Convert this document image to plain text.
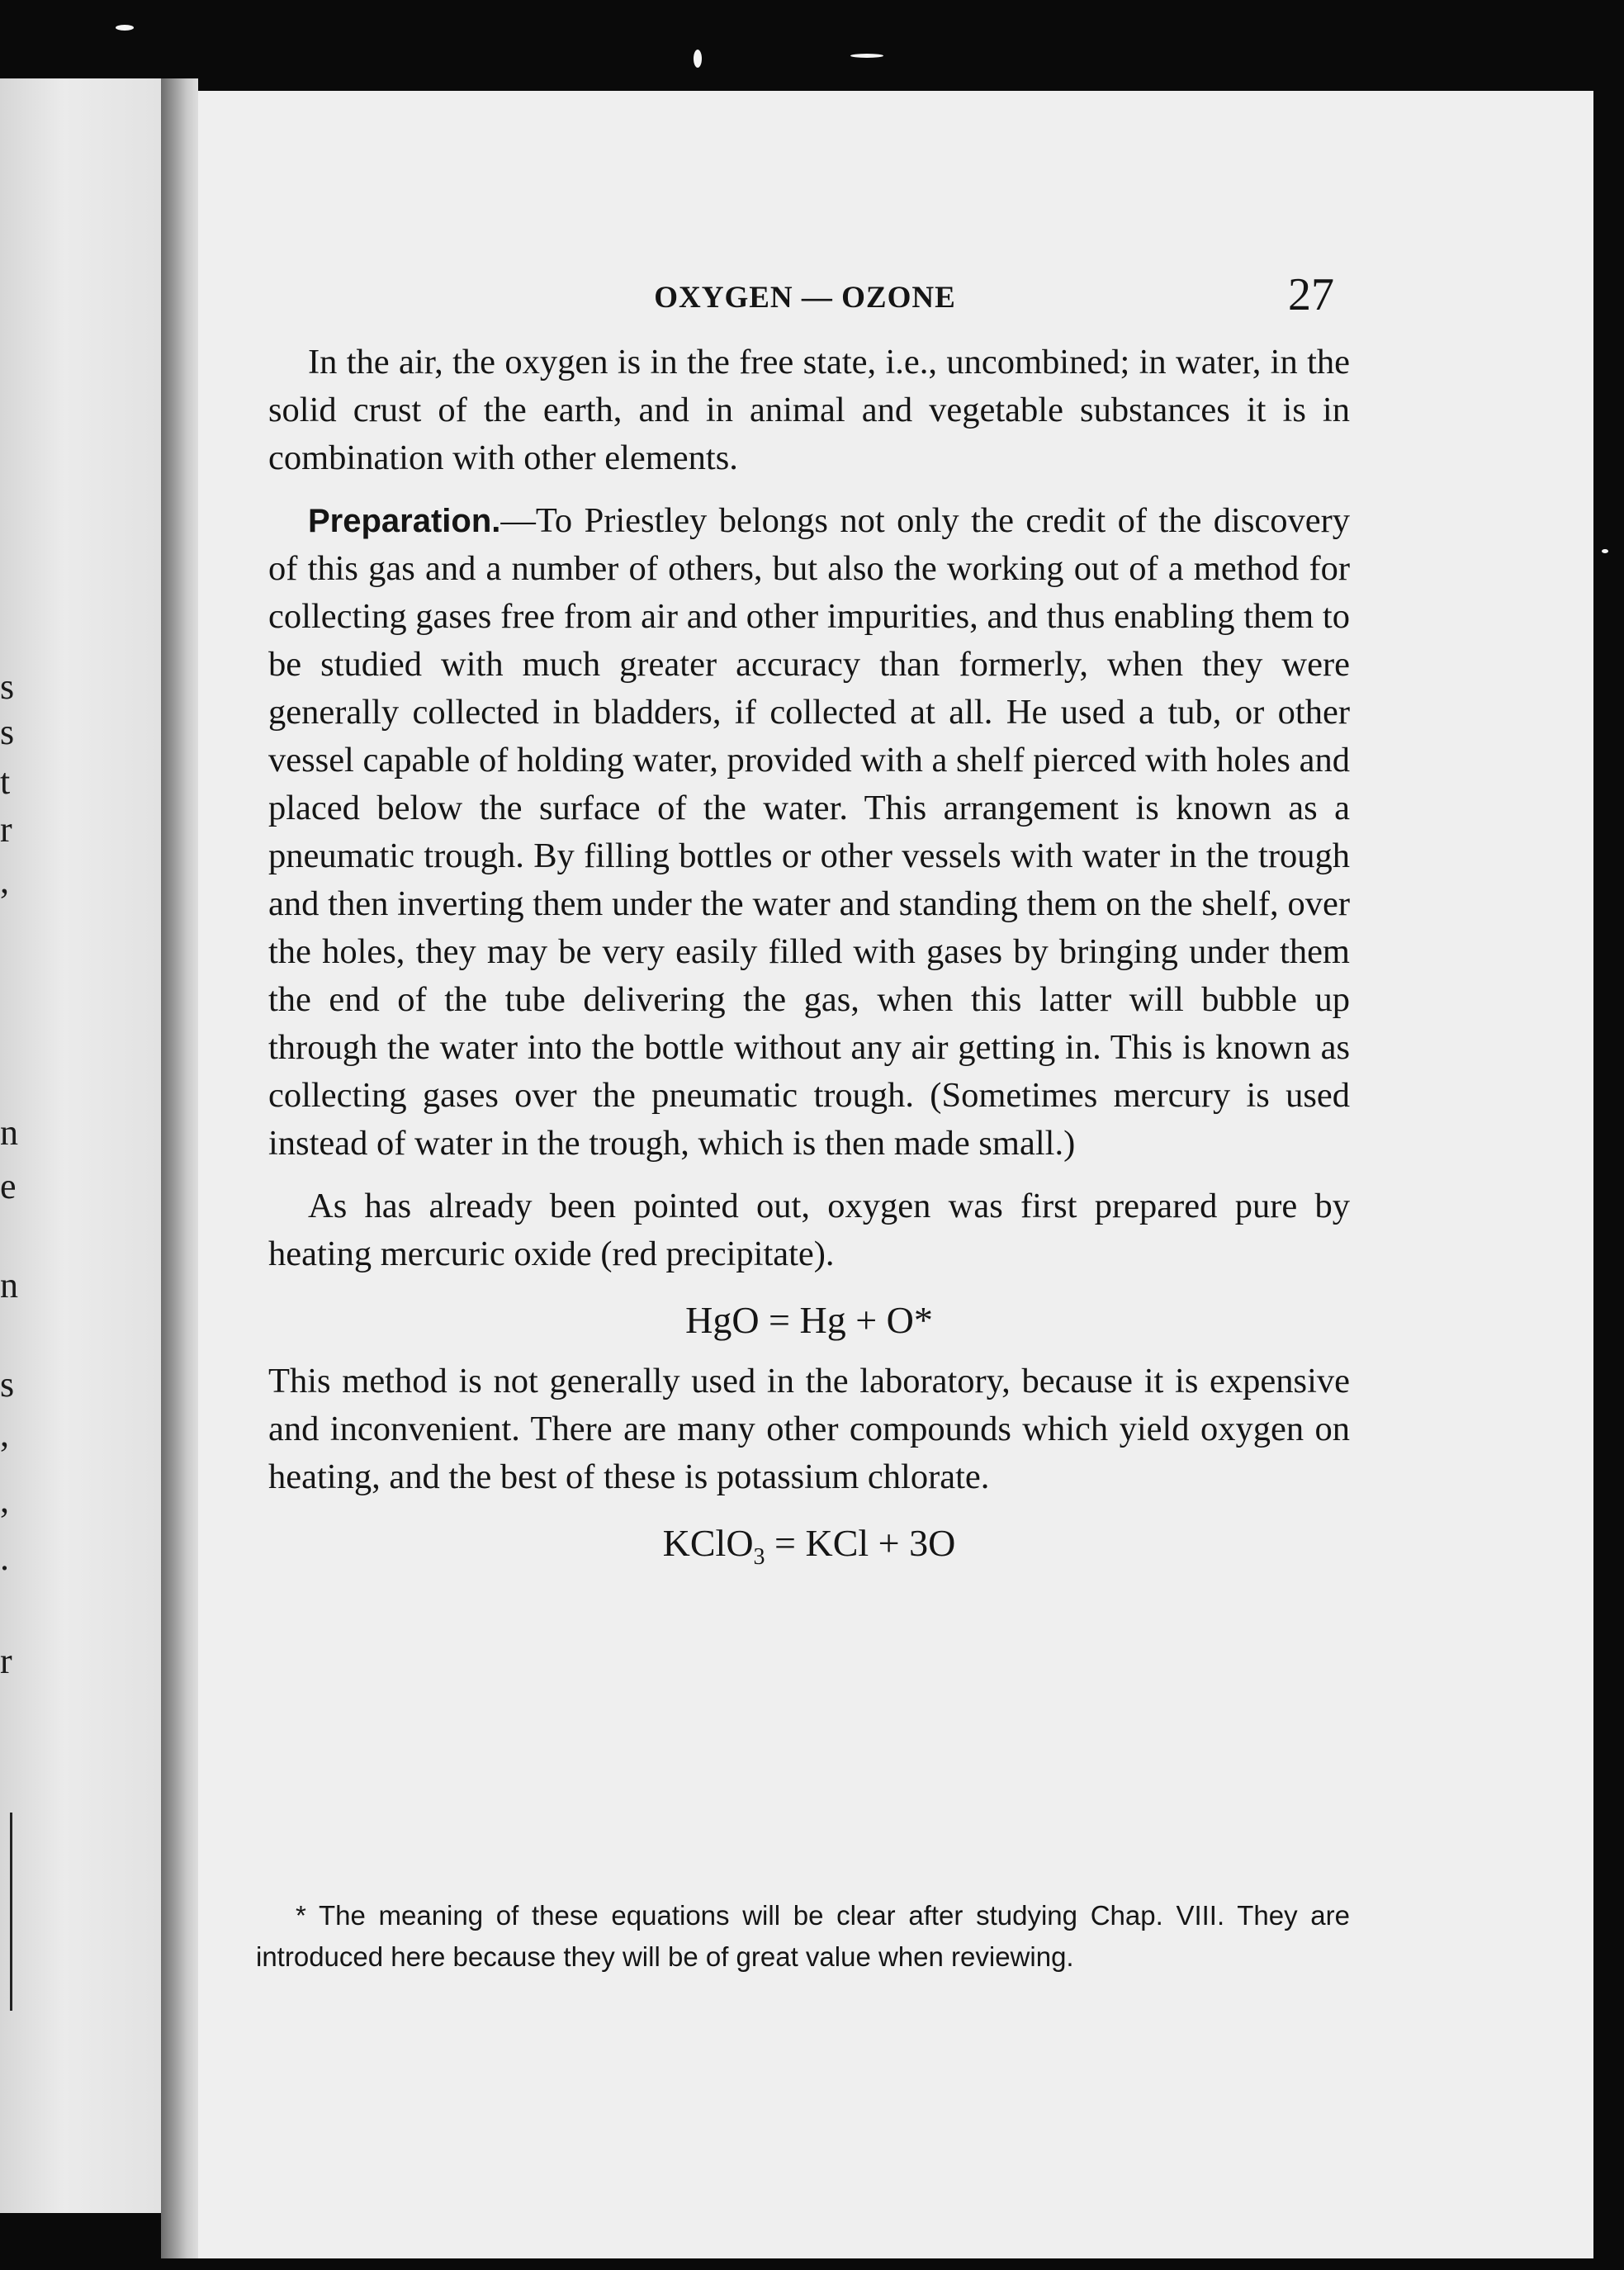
s
s
t
r
,
n
e
n
s
,
,
.
r
OXYGEN — OZONE	27

In the air, the oxygen is in the free state, i.e., uncombined; in water, in the solid crust of the earth, and in animal and vegetable substances it is in combination with other elements.

Preparation.—To Priestley belongs not only the credit of the discovery of this gas and a number of others, but also the working out of a method for collecting gases free from air and other impurities, and thus enabling them to be studied with much greater accuracy than formerly, when they were generally collected in bladders, if collected at all. He used a tub, or other vessel capable of holding water, provided with a shelf pierced with holes and placed below the surface of the water. This arrangement is known as a pneumatic trough. By filling bottles or other vessels with water in the trough and then inverting them under the water and standing them on the shelf, over the holes, they may be very easily filled with gases by bringing under them the end of the tube delivering the gas, when this latter will bubble up through the water into the bottle without any air getting in. This is known as collecting gases over the pneumatic trough. (Sometimes mercury is used instead of water in the trough, which is then made small.)

As has already been pointed out, oxygen was first prepared pure by heating mercuric oxide (red precipitate).

HgO = Hg + O*

This method is not generally used in the laboratory, because it is expensive and inconvenient. There are many other compounds which yield oxygen on heating, and the best of these is potassium chlorate.

KClO$_3$ = KCl + 3O

* The meaning of these equations will be clear after studying Chap. VIII. They are introduced here because they will be of great value when reviewing.
